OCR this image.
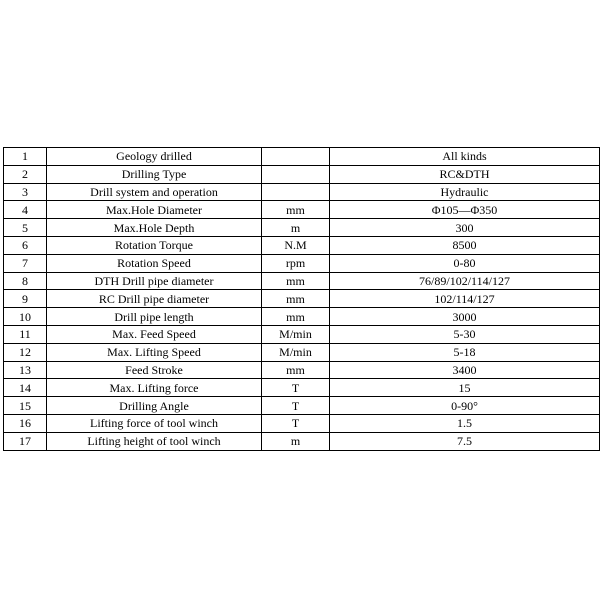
1	Geology drilled		All kinds
2	Drilling Type		RC&DTH
3	Drill system and operation		Hydraulic
4	Max.Hole Diameter	mm	Φ105—Φ350
5	Max.Hole Depth	m	300
6	Rotation Torque	N.M	8500
7	Rotation Speed	rpm	0-80
8	DTH Drill pipe diameter	mm	76/89/102/114/127
9	RC Drill pipe diameter	mm	102/114/127
10	Drill pipe length	mm	3000
11	Max. Feed Speed	M/min	5-30
12	Max. Lifting Speed	M/min	5-18
13	Feed Stroke	mm	3400
14	Max. Lifting force	T	15
15	Drilling Angle	T	0-90°
16	Lifting force of tool winch	T	1.5
17	Lifting height of tool winch	m	7.5
